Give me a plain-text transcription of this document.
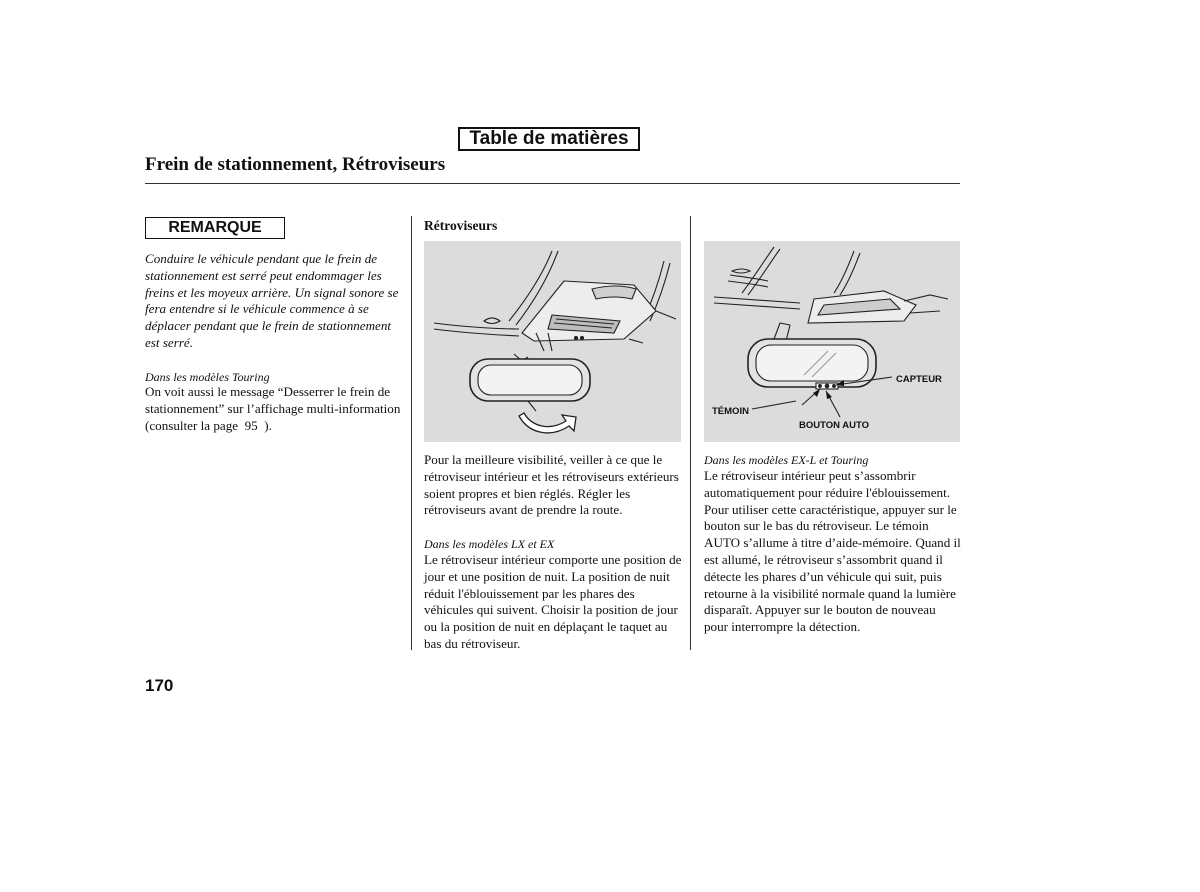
Table de matières
Frein de stationnement, Rétroviseurs
REMARQUE

Conduire le véhicule pendant que le frein de stationnement est serré peut endommager les freins et les moyeux arrière. Un signal sonore se fera entendre si le véhicule commence à se déplacer pendant que le frein de stationnement est serré.

Dans les modèles Touring

On voit aussi le message “Desserrer le frein de stationnement” sur l’affichage multi-information (consulter la page 95 ).

Rétroviseurs

Pour la meilleure visibilité, veiller à ce que le rétroviseur intérieur et les rétroviseurs extérieurs soient propres et bien réglés. Régler les rétroviseurs avant de prendre la route.

Dans les modèles LX et EX

Le rétroviseur intérieur comporte une position de jour et une position de nuit. La position de nuit réduit l'éblouissement par les phares des véhicules qui suivent. Choisir la position de jour ou la position de nuit en déplaçant le taquet au bas du rétroviseur.

CAPTEUR
TÉMOIN
BOUTON AUTO

Dans les modèles EX-L et Touring

Le rétroviseur intérieur peut s’assombrir automatiquement pour réduire l'éblouissement. Pour utiliser cette caractéristique, appuyer sur le bouton sur le bas du rétroviseur. Le témoin AUTO s’allume à titre d’aide-mémoire. Quand il est allumé, le rétroviseur s’assombrit quand il détecte les phares d’un véhicule qui suit, puis retourne à la visibilité normale quand la lumière disparaît. Appuyer sur le bouton de nouveau pour interrompre la détection.

170
